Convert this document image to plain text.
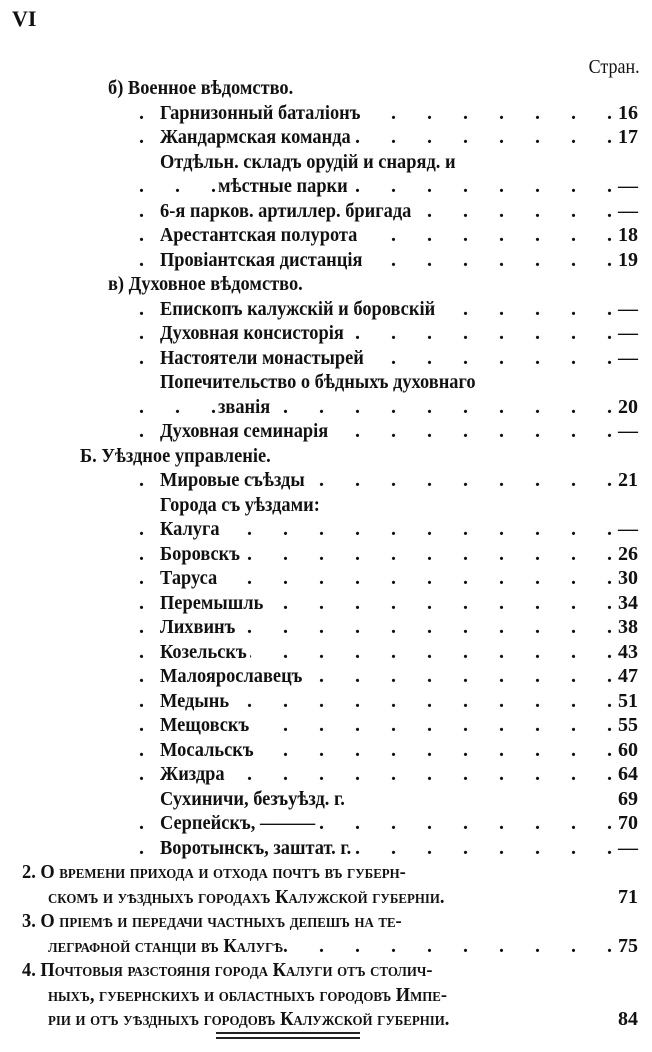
VI
Стран.
б) Военное вѣдомство.
. . .
Гарнизонный баталіонъ	16
. . .
Жандармская команда	17
Отдѣльн. складъ орудій и снаряд. и
. . .
мѣстные парки	—
. . .
6-я парков. артиллер. бригада	—
. . .
Арестантская полурота	18
. . .
Провіантская дистанція	19
в) Духовное вѣдомство.
. . .
Епископъ калужскій и боровскій	—
. . .
Духовная консисторія	—
. . .
Настоятели монастырей	—
Попечительство о бѣдныхъ духовнаго
. . .
званія	20
. . .
Духовная семинарія	—
Б. Уѣздное управленіе.
. . .
Мировые съѣзды	21
Города съ уѣздами:
. . .
Калуга	—
. . .
Боровскъ	26
. . .
Таруса	30
. . .
Перемышль	34
. . .
Лихвинъ	38
. . .
Козельскъ	43
. . .
Малоярославецъ	47
. . .
Медынь	51
. . .
Мещовскъ	55
. . .
Мосальскъ	60
. . .
Жиздра	64
Сухиничи, безъуѣзд. г.	69
. . .
Серпейскъ, ———	70
. . .
Воротынскъ, заштат. г.	—
2. О времени прихода и отхода почтъ въ губерн-
скомъ и уѣздныхъ городахъ Калужской губерніи.	71
3. О пріемѣ и передачи частныхъ депешъ на те-
. . .
леграфной станціи въ Калугѣ.	75
4. Почтовыя разстоянія города Калуги отъ столич-
ныхъ, губернскихъ и областныхъ городовъ Импе-
ріи и отъ уѣздныхъ городовъ Калужской губерніи.	84
